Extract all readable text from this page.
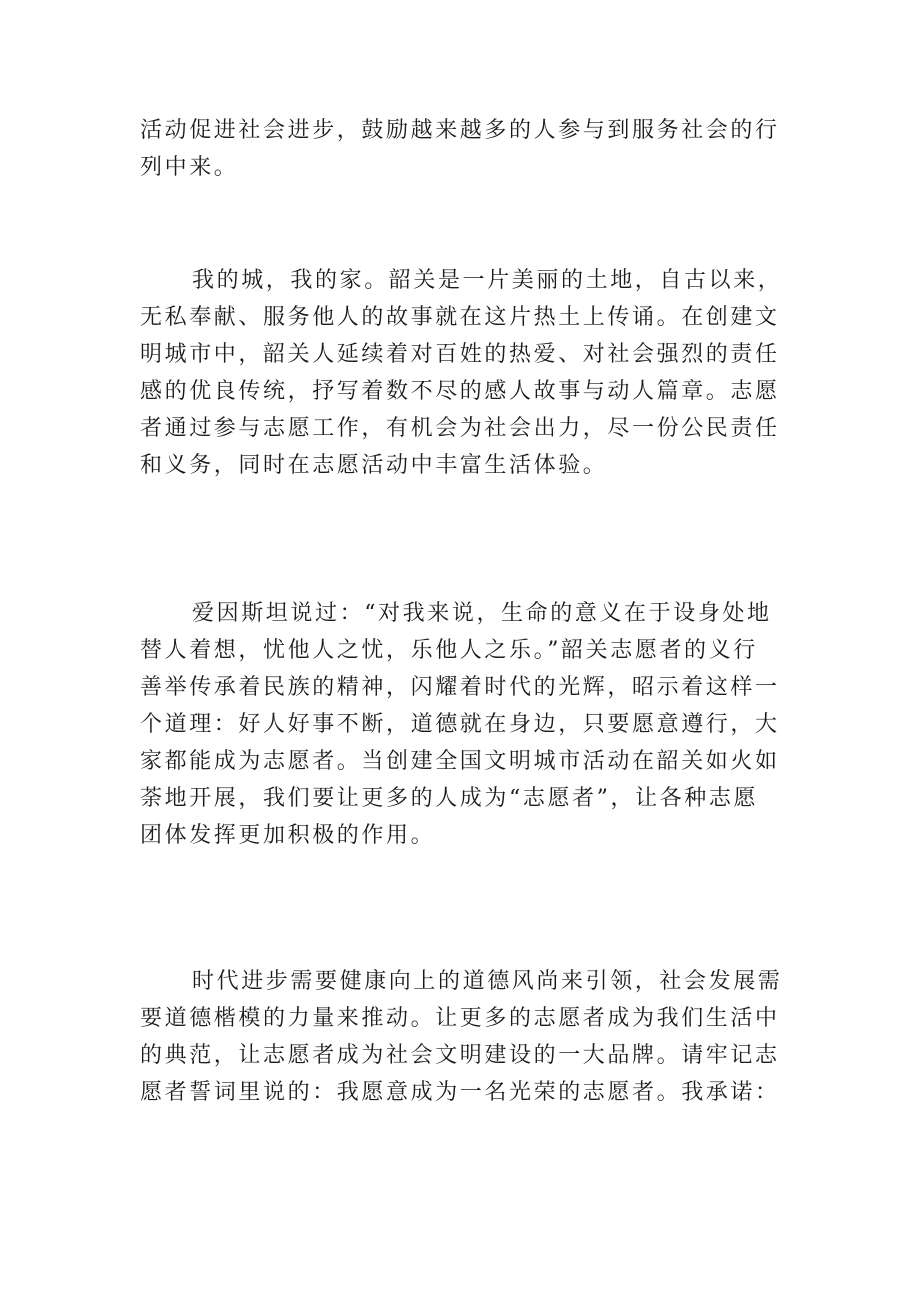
活动促进社会进步，鼓励越来越多的人参与到服务社会的行
列中来。
我的城，我的家。韶关是一片美丽的土地，自古以来，
无私奉献、服务他人的故事就在这片热土上传诵。在创建文
明城市中，韶关人延续着对百姓的热爱、对社会强烈的责任
感的优良传统，抒写着数不尽的感人故事与动人篇章。志愿
者通过参与志愿工作，有机会为社会出力，尽一份公民责任
和义务，同时在志愿活动中丰富生活体验。
爱因斯坦说过：“对我来说，生命的意义在于设身处地
替人着想，忧他人之忧，乐他人之乐。”韶关志愿者的义行
善举传承着民族的精神，闪耀着时代的光辉，昭示着这样一
个道理：好人好事不断，道德就在身边，只要愿意遵行，大
家都能成为志愿者。当创建全国文明城市活动在韶关如火如
荼地开展，我们要让更多的人成为“志愿者”，让各种志愿
团体发挥更加积极的作用。
时代进步需要健康向上的道德风尚来引领，社会发展需
要道德楷模的力量来推动。让更多的志愿者成为我们生活中
的典范，让志愿者成为社会文明建设的一大品牌。请牢记志
愿者誓词里说的：我愿意成为一名光荣的志愿者。我承诺：
